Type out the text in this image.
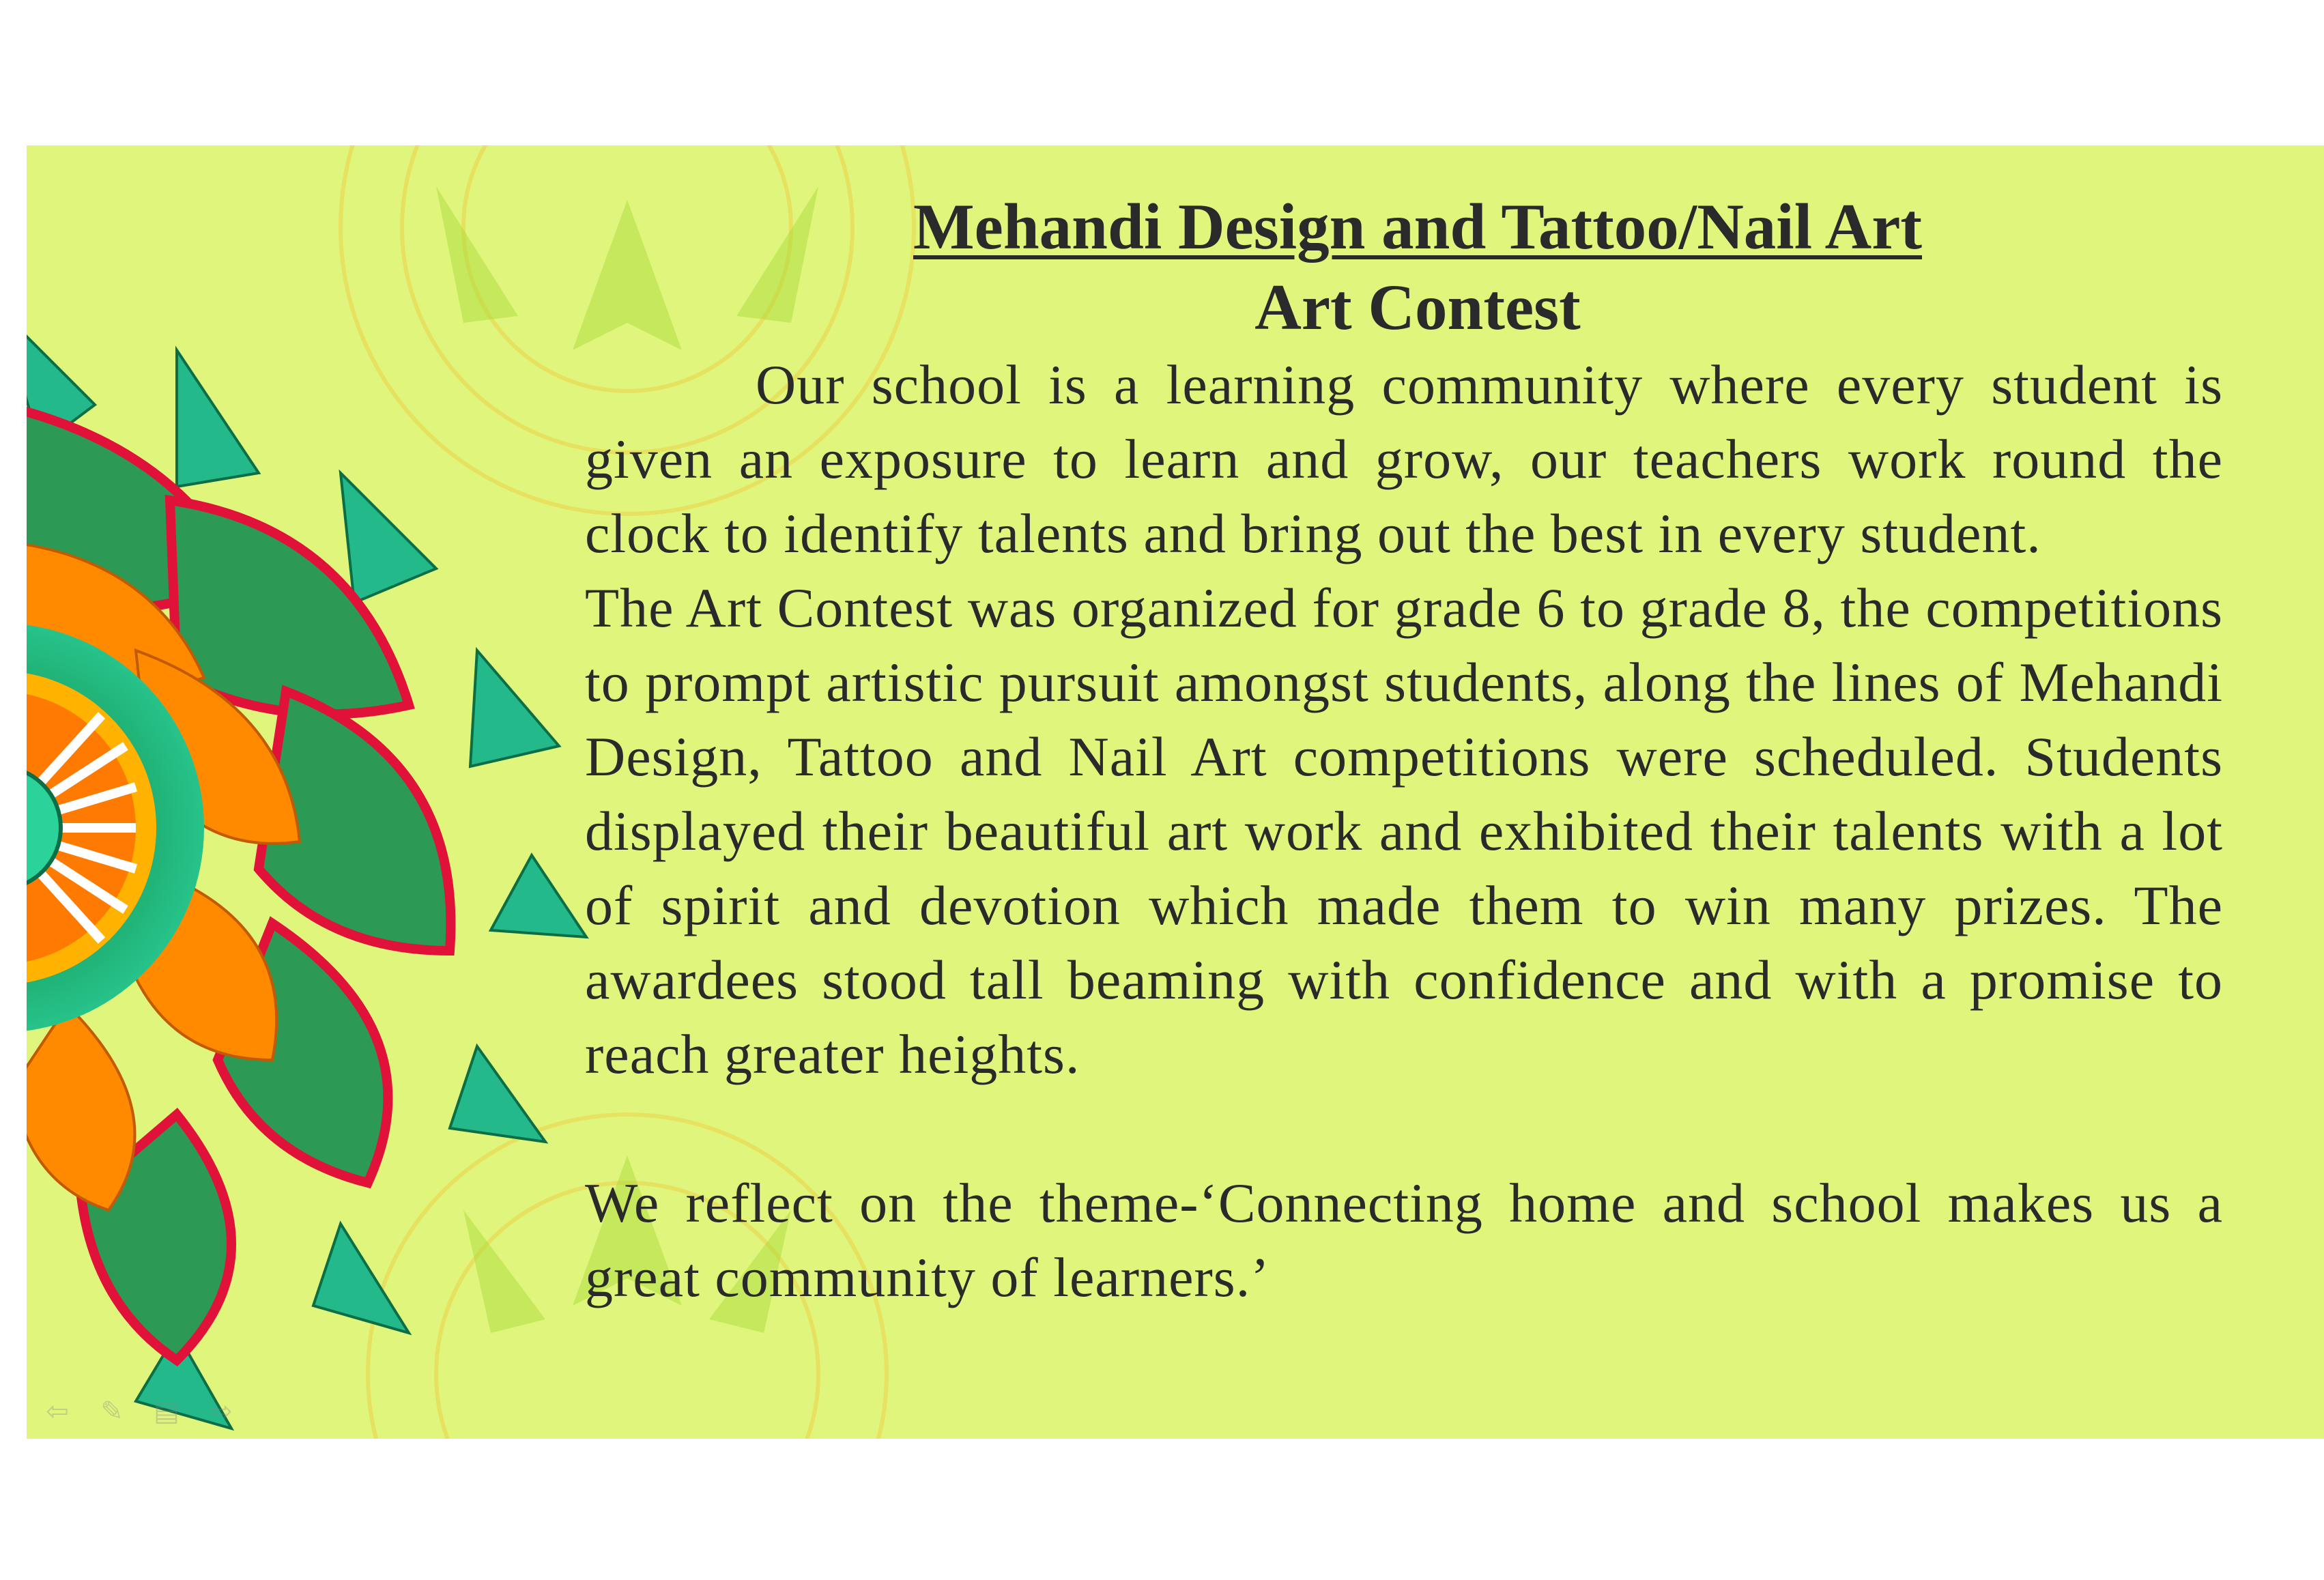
Mehandi Design and Tattoo/Nail Art
Art Contest

Our school is a learning community where every student is given an exposure to learn and grow, our teachers work round the clock to identify talents and bring out the best in every student.

The Art Contest was organized for grade 6 to grade 8, the competitions to prompt artistic pursuit amongst students, along the lines of Mehandi Design, Tattoo and Nail Art competitions were scheduled. Students displayed their beautiful art work and exhibited their talents with a lot of spirit and devotion which made them to win many prizes. The awardees stood tall beaming with confidence and with a promise to reach greater heights.

We reflect on the theme-‘Connecting home and school makes us a great community of learners.’

⇦ ✎ ▤ ⇨
